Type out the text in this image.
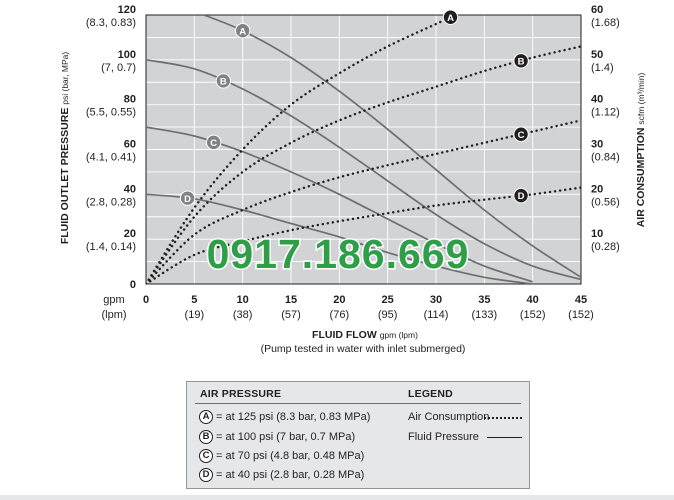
A
B
C
D
A
B
C
D
0	5
(19)
10
(38)
15
(57)
20
(76)
25
(95)
30
(114)
35
(133)
40
(152)
45
(152)
gpm
(lpm)
0
20
(1.4, 0.14)
40
(2.8, 0.28)
60
(4.1, 0.41)
80
(5.5, 0.55)
100
(7, 0.7)
120
(8.3, 0.83)
10
(0.28)
20
(0.56)
30
(0.84)
40
(1.12)
50
(1.4)
60
(1.68)
FLUID FLOW gpm (lpm)
(Pump tested in water with inlet submerged)
FLUID OUTLET PRESSURE psi (bar, MPa)
AIR CONSUMPTION scfm (m³/min)
0917.186.669
AIR PRESSURE	LEGEND
A = at 125 psi (8.3 bar, 0.83 MPa)
B = at 100 psi (7 bar, 0.7 MPa)
C = at 70 psi (4.8 bar, 0.48 MPa)
D = at 40 psi (2.8 bar, 0.28 MPa)
Air Consumption
Fluid Pressure
